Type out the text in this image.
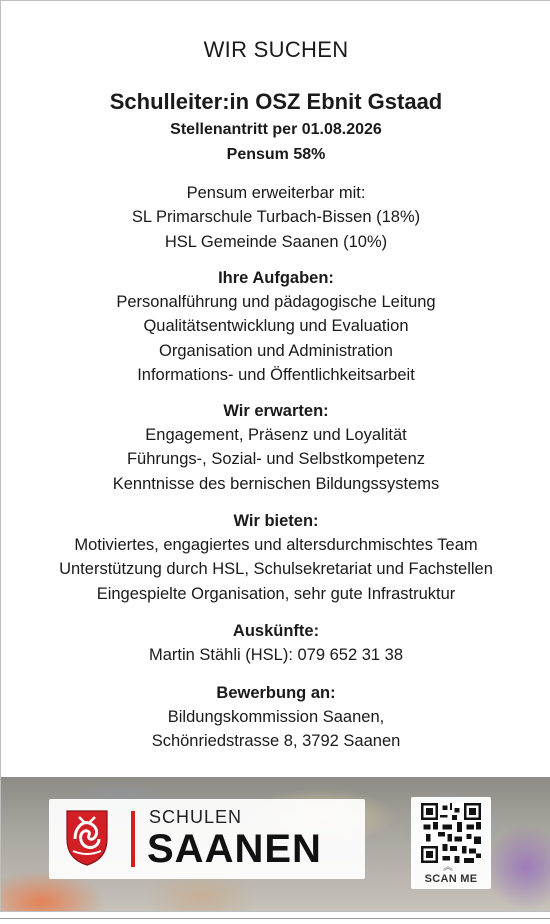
WIR SUCHEN
Schulleiter:in OSZ Ebnit Gstaad
Stellenantritt per 01.08.2026
Pensum 58%
Pensum erweiterbar mit:
SL Primarschule Turbach-Bissen (18%)
HSL Gemeinde Saanen (10%)
Ihre Aufgaben:
Personalführung und pädagogische Leitung
Qualitätsentwicklung und Evaluation
Organisation und Administration
Informations- und Öffentlichkeitsarbeit
Wir erwarten:
Engagement, Präsenz und Loyalität
Führungs-, Sozial- und Selbstkompetenz
Kenntnisse des bernischen Bildungssystems
Wir bieten:
Motiviertes, engagiertes und altersdurchmischtes Team
Unterstützung durch HSL, Schulsekretariat und Fachstellen
Eingespielte Organisation, sehr gute Infrastruktur
Auskünfte:
Martin Stähli (HSL): 079 652 31 38
Bewerbung an:
Bildungskommission Saanen,
Schönriedstrasse 8, 3792 Saanen
SCHULEN
SAANEN	︽
SCAN ME
